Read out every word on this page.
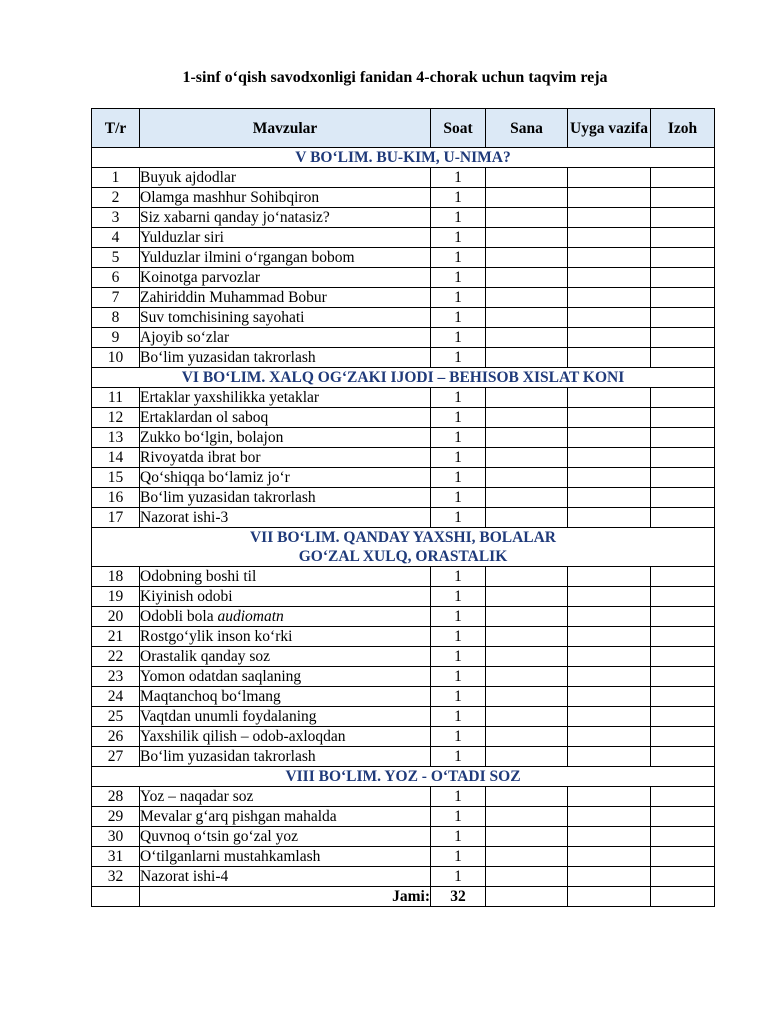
1-sinf o‘qish savodxonligi fanidan 4-chorak uchun taqvim reja
T/r	Mavzular	Soat	Sana	Uyga vazifa	Izoh
V BO‘LIM. BU-KIM, U-NIMA?					
1	Buyuk ajdodlar	1			
2	Olamga mashhur Sohibqiron	1			
3	Siz xabarni qanday jo‘natasiz?	1			
4	Yulduzlar siri	1			
5	Yulduzlar ilmini o‘rgangan bobom	1			
6	Koinotga parvozlar	1			
7	Zahiriddin Muhammad Bobur	1			
8	Suv tomchisining sayohati	1			
9	Ajoyib so‘zlar	1			
10	Bo‘lim yuzasidan takrorlash	1			
VI BO‘LIM. XALQ OG‘ZAKI IJODI – BEHISOB XISLAT KONI					
11	Ertaklar yaxshilikka yetaklar	1			
12	Ertaklardan ol saboq	1			
13	Zukko bo‘lgin, bolajon	1			
14	Rivoyatda ibrat bor	1			
15	Qo‘shiqqa bo‘lamiz jo‘r	1			
16	Bo‘lim yuzasidan takrorlash	1			
17	Nazorat ishi-3	1			
VII BO‘LIM. QANDAY YAXSHI, BOLALAR
GO‘ZAL XULQ, ORASTALIK					
18	Odobning boshi til	1			
19	Kiyinish odobi	1			
20	Odobli bola audiomatn	1			
21	Rostgo‘ylik inson ko‘rki	1			
22	Orastalik qanday soz	1			
23	Yomon odatdan saqlaning	1			
24	Maqtanchoq bo‘lmang	1			
25	Vaqtdan unumli foydalaning	1			
26	Yaxshilik qilish – odob-axloqdan	1			
27	Bo‘lim yuzasidan takrorlash	1			
VIII BO‘LIM. YOZ - O‘TADI SOZ					
28	Yoz – naqadar soz	1			
29	Mevalar g‘arq pishgan mahalda	1			
30	Quvnoq o‘tsin go‘zal yoz	1			
31	O‘tilganlarni mustahkamlash	1			
32	Nazorat ishi-4	1			
	Jami:	32			
